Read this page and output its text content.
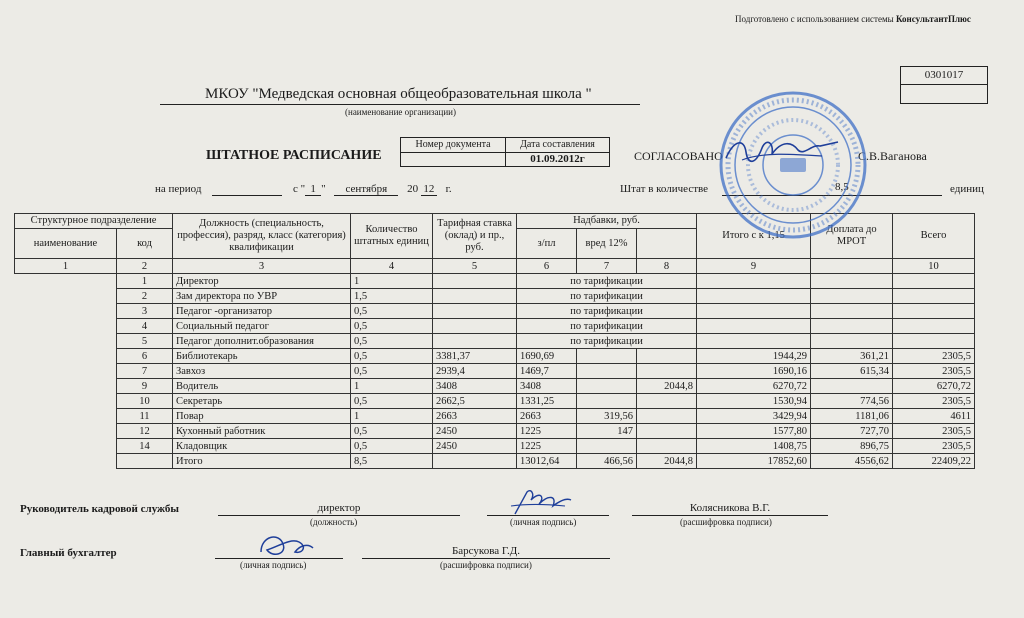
Подготовлено с использованием системы КонсультантПлюс
0301017
МКОУ "Медведская основная общеобразовательная школа "
(наименование организации)
ШТАТНОЕ РАСПИСАНИЕ
Номер документа	Дата составления
01.09.2012г	СОГЛАСОВАНО	С.В.Ваганова
на период	с " 1 " сентября 20 12 г.	Штат в количестве	8,5	единиц
Структурное подразделение		Должность (специальность, профессия), разряд, класс (категория) квалификации	Количество штатных единиц	Тарифная ставка (оклад) и пр., руб.	Надбавки, руб.			Итого с к 1,15	Доплата до МРОТ	Всего
наименование	код				з/пл	вред 12%				
1	2	3	4	5	6	7	8	9		10
	1	Директор	1		по тарификации					
	2	Зам директора по УВР	1,5		по тарификации					
	3	Педагог -организатор	0,5		по тарификации					
	4	Социальный педагог	0,5		по тарификации					
	5	Педагог дополнит.образования	0,5		по тарификации					
	6	Библиотекарь	0,5	3381,37	1690,69			1944,29	361,21	2305,5
	7	Завхоз	0,5	2939,4	1469,7			1690,16	615,34	2305,5
	9	Водитель	1	3408	3408		2044,8	6270,72		6270,72
	10	Секретарь	0,5	2662,5	1331,25			1530,94	774,56	2305,5
	11	Повар	1	2663	2663	319,56		3429,94	1181,06	4611
	12	Кухонный работник	0,5	2450	1225	147		1577,80	727,70	2305,5
	14	Кладовщик	0,5	2450	1225			1408,75	896,75	2305,5
		Итого	8,5		13012,64	466,56	2044,8	17852,60	4556,62	22409,22
Руководитель кадровой службы	директор
(должность)	(личная подпись)
Колясникова В.Г.
(расшифровка подписи)
Главный бухгалтер
(личная подпись)
Барсукова Г.Д.
(расшифровка подписи)
